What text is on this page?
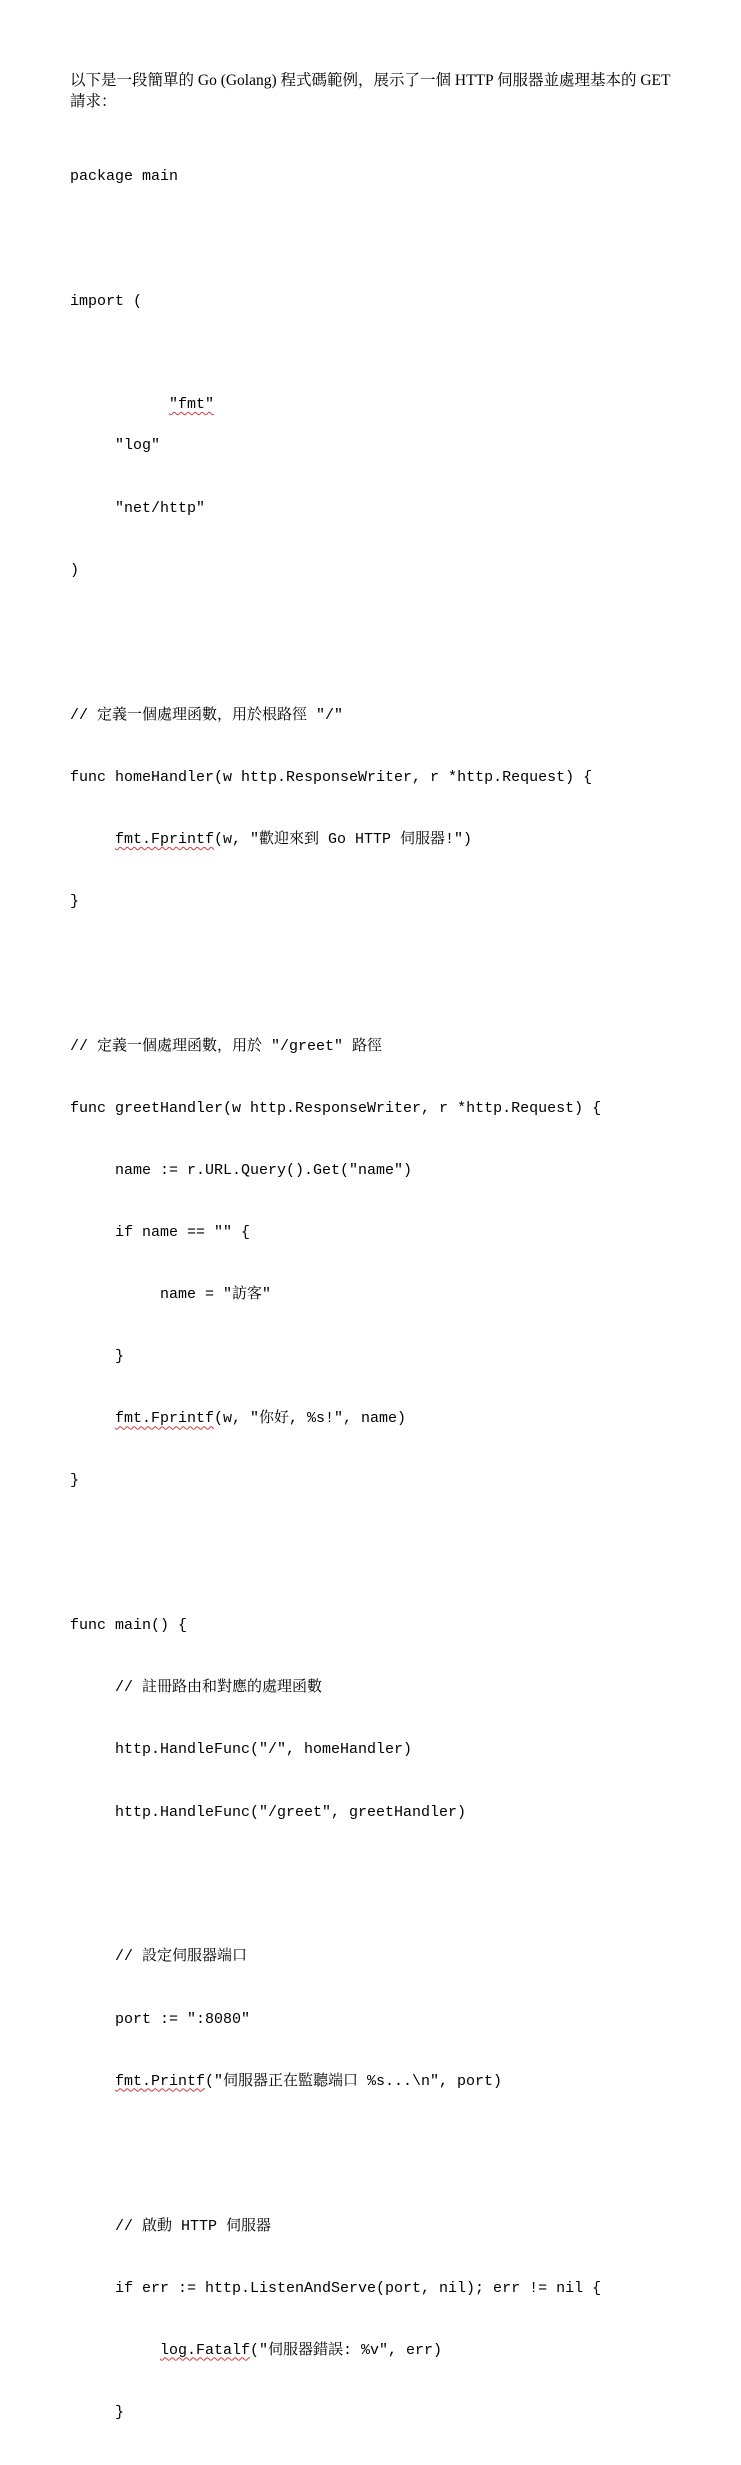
以下是一段簡單的 Go (Golang) 程式碼範例，展示了一個 HTTP 伺服器並處理基本的 GET 請求：

package main

import (

"fmt"

"log"

"net/http"

)

// 定義一個處理函數，用於根路徑 "/"

func homeHandler(w http.ResponseWriter, r *http.Request) {

fmt.Fprintf(w, "歡迎來到 Go HTTP 伺服器!")

}

// 定義一個處理函數，用於 "/greet" 路徑

func greetHandler(w http.ResponseWriter, r *http.Request) {

name := r.URL.Query().Get("name")

if name == "" {

name = "訪客"

}

fmt.Fprintf(w, "你好, %s!", name)

}

func main() {

// 註冊路由和對應的處理函數

http.HandleFunc("/", homeHandler)

http.HandleFunc("/greet", greetHandler)

// 設定伺服器端口

port := ":8080"

fmt.Printf("伺服器正在監聽端口 %s...\n", port)

// 啟動 HTTP 伺服器

if err := http.ListenAndServe(port, nil); err != nil {

log.Fatalf("伺服器錯誤: %v", err)

}
